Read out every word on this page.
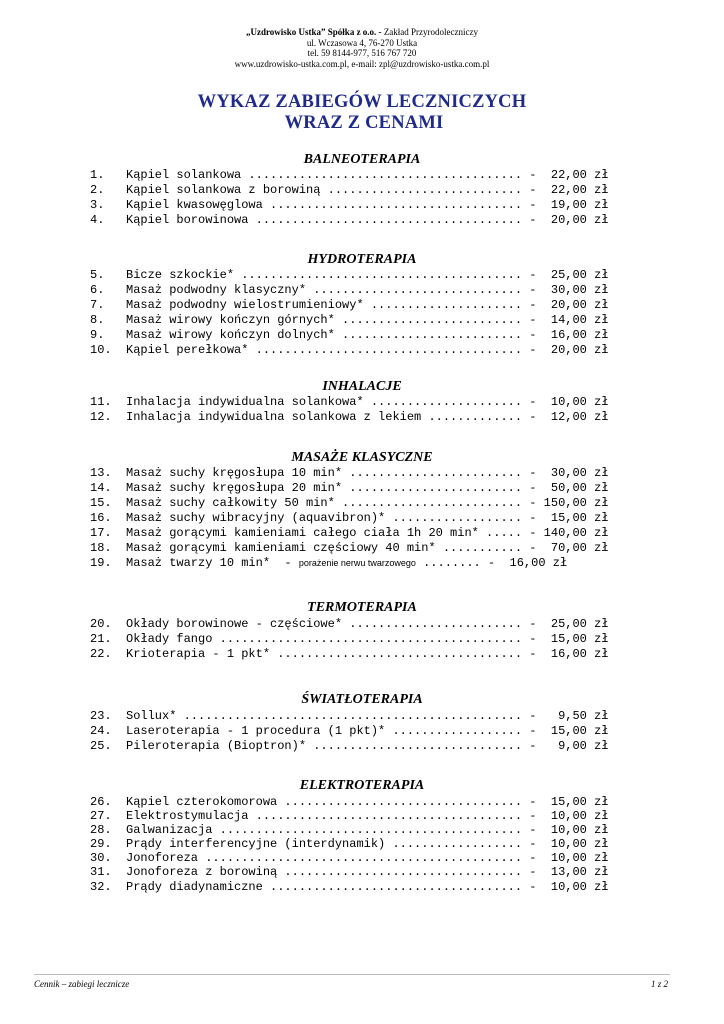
„Uzdrowisko Ustka” Spółka z o.o. - Zakład Przyrodoleczniczy
ul. Wczasowa 4, 76-270 Ustka
tel. 59 8144-977, 516 767 720
www.uzdrowisko-ustka.com.pl, e-mail: zpl@uzdrowisko-ustka.com.pl
WYKAZ ZABIEGÓW LECZNICZYCH
WRAZ Z CENAMI
BALNEOTERAPIA
1. Kąpiel solankowa ...................................... -  22,00 zł
2. Kąpiel solankowa z borowiną ........................... -  22,00 zł
3. Kąpiel kwasowęglowa ................................... -  19,00 zł
4. Kąpiel borowinowa ..................................... -  20,00 zł
HYDROTERAPIA
5. Bicze szkockie* ....................................... -  25,00 zł
6. Masaż podwodny klasyczny* ............................. -  30,00 zł
7. Masaż podwodny wielostrumieniowy* ..................... -  20,00 zł
8. Masaż wirowy kończyn górnych* ......................... -  14,00 zł
9. Masaż wirowy kończyn dolnych* ......................... -  16,00 zł
10. Kąpiel perełkowa* ..................................... -  20,00 zł
INHALACJE
11. Inhalacja indywidualna solankowa* ..................... -  10,00 zł
12. Inhalacja indywidualna solankowa z lekiem ............. -  12,00 zł
MASAŻE KLASYCZNE
13. Masaż suchy kręgosłupa 10 min* ........................ -  30,00 zł
14. Masaż suchy kręgosłupa 20 min* ........................ -  50,00 zł
15. Masaż suchy całkowity 50 min* ......................... - 150,00 zł
16. Masaż suchy wibracyjny (aquavibron)* .................. -  15,00 zł
17. Masaż gorącymi kamieniami całego ciała 1h 20 min* ..... - 140,00 zł
18. Masaż gorącymi kamieniami częściowy 40 min* ........... -  70,00 zł
19. Masaż twarzy 10 min*  - porażenie nerwu twarzowego ........ -  16,00 zł
TERMOTERAPIA
20. Okłady borowinowe - częściowe* ........................ -  25,00 zł
21. Okłady fango .......................................... -  15,00 zł
22. Krioterapia - 1 pkt* .................................. -  16,00 zł
ŚWIATŁOTERAPIA
23. Sollux* ............................................... -   9,50 zł
24. Laseroterapia - 1 procedura (1 pkt)* .................. -  15,00 zł
25. Pileroterapia (Bioptron)* ............................. -   9,00 zł
ELEKTROTERAPIA
26. Kąpiel czterokomorowa ................................. -  15,00 zł
27. Elektrostymulacja ..................................... -  10,00 zł
28. Galwanizacja .......................................... -  10,00 zł
29. Prądy interferencyjne (interdynamik) .................. -  10,00 zł
30. Jonoforeza ............................................ -  10,00 zł
31. Jonoforeza z borowiną ................................. -  13,00 zł
32. Prądy diadynamiczne ................................... -  10,00 zł
Cennik – zabiegi lecznicze	1 z 2
